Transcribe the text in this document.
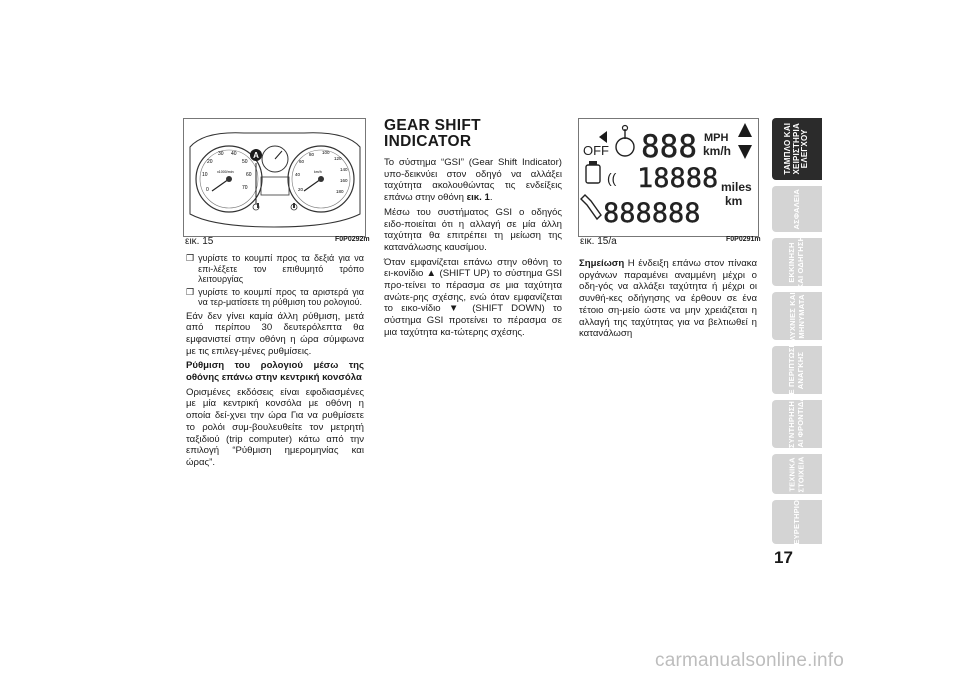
0
10
20
30 40
50
60
70
x1000/min
20
40
60
80 100
120
140
160
180
km/h
A
εικ. 15	F0P0292m
❒ γυρίστε το κουμπί προς τα δεξιά για να επι-λέξετε τον επιθυμητό τρόπο λειτουργίας
❒ γυρίστε το κουμπί προς τα αριστερά για να τερ-ματίσετε τη ρύθμιση του ρολογιού.

Εάν δεν γίνει καμία άλλη ρύθμιση, μετά από περίπου 30 δευτερόλεπτα θα εμφανιστεί στην οθόνη η ώρα σύμφωνα με τις επιλεγ-μένες ρυθμίσεις.

Ρύθμιση του ρολογιού μέσω της οθόνης επάνω στην κεντρική κονσόλα

Ορισμένες εκδόσεις είναι εφοδιασμένες με μία κεντρική κονσόλα με οθόνη η οποία δεί-χνει την ώρα Για να ρυθμίσετε το ρολόι συμ-βουλευθείτε τον μετρητή ταξιδιού (trip computer) κάτω από την επιλογή “Ρύθμιση ημερομηνίας και ώρας”.

GEAR SHIFT
INDICATOR

Το σύστημα “GSI” (Gear Shift Indicator) υπο-δεικνύει στον οδηγό να αλλάξει ταχύτητα ακολουθώντας τις ενδείξεις επάνω στην οθόνη εικ. 1.

Μέσω του συστήματος GSI ο οδηγός ειδο-ποιείται ότι η αλλαγή σε μία άλλη ταχύτητα θα επιτρέπει τη μείωση της κατανάλωσης καυσίμου.

Όταν εμφανίζεται επάνω στην οθόνη το ει-κονίδιο ▲ (SHIFT UP) το σύστημα GSI προ-τείνει το πέρασμα σε μια ταχύτητα ανώτε-ρης σχέσης, ενώ όταν εμφανίζεται το εικο-νίδιο ▼ (SHIFT DOWN) το σύστημα GSI προτείνει το πέρασμα σε μια ταχύτητα κα-τώτερης σχέσης.

OFF 888 MPH
km/h
(( 18888 miles
km
888888
εικ. 15/a	F0P0291m

Σημείωση Η ένδειξη επάνω στον πίνακα οργάνων παραμένει αναμμένη μέχρι ο οδη-γός να αλλάξει ταχύτητα ή μέχρι οι συνθή-κες οδήγησης να έρθουν σε ένα τέτοιο ση-μείο ώστε να μην χρειάζεται η αλλαγή της ταχύτητας για να βελτιωθεί η κατανάλωση

ΤΑΜΠΛΟ ΚΑΙ
ΧΕΙΡΙΣΤΗΡΙΑ
ΕΛΕΓΧΟΥ
ΑΣΦΑΛΕΙΑ
ΕΚΚΙΝΗΣΗ
ΚΑΙ ΟΔΗΓΗΣΗ
ΛΥΧΝΙΕΣ ΚΑΙ
ΜΗΝΥΜΑΤΑ
ΣΕ ΠΕΡΙΠΤΩΣΗ
ΑΝΑΓΚΗΣ
ΣΥΝΤΗΡΗΣΗ
ΚΑΙ ΦΡΟΝΤΙΔΑ
ΤΕΧΝΙΚΑ
ΣΤΟΙΧΕΙΑ
17
carmanualsonline.info
ΕΥΡΕΤΗΡΙΟ
